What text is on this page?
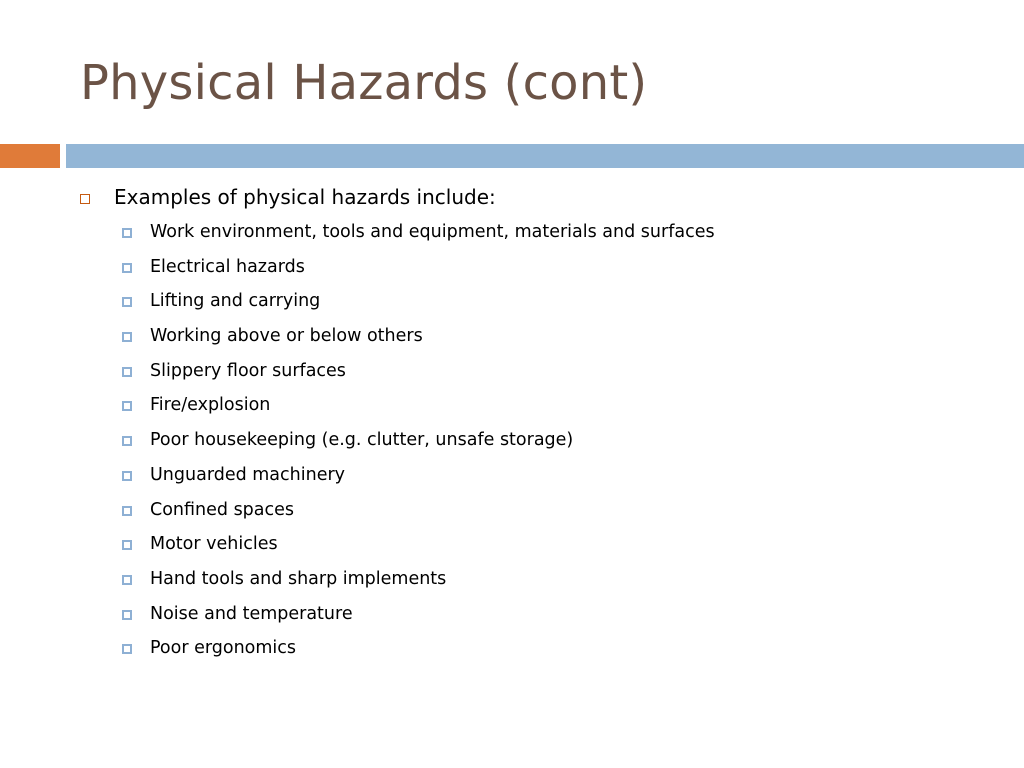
Physical Hazards (cont)
Examples of physical hazards include:
Work environment, tools and equipment, materials and surfaces
Electrical hazards
Lifting and carrying
Working above or below others
Slippery floor surfaces
Fire/explosion
Poor housekeeping (e.g. clutter, unsafe storage)
Unguarded machinery
Confined spaces
Motor vehicles
Hand tools and sharp implements
Noise and temperature
Poor ergonomics
